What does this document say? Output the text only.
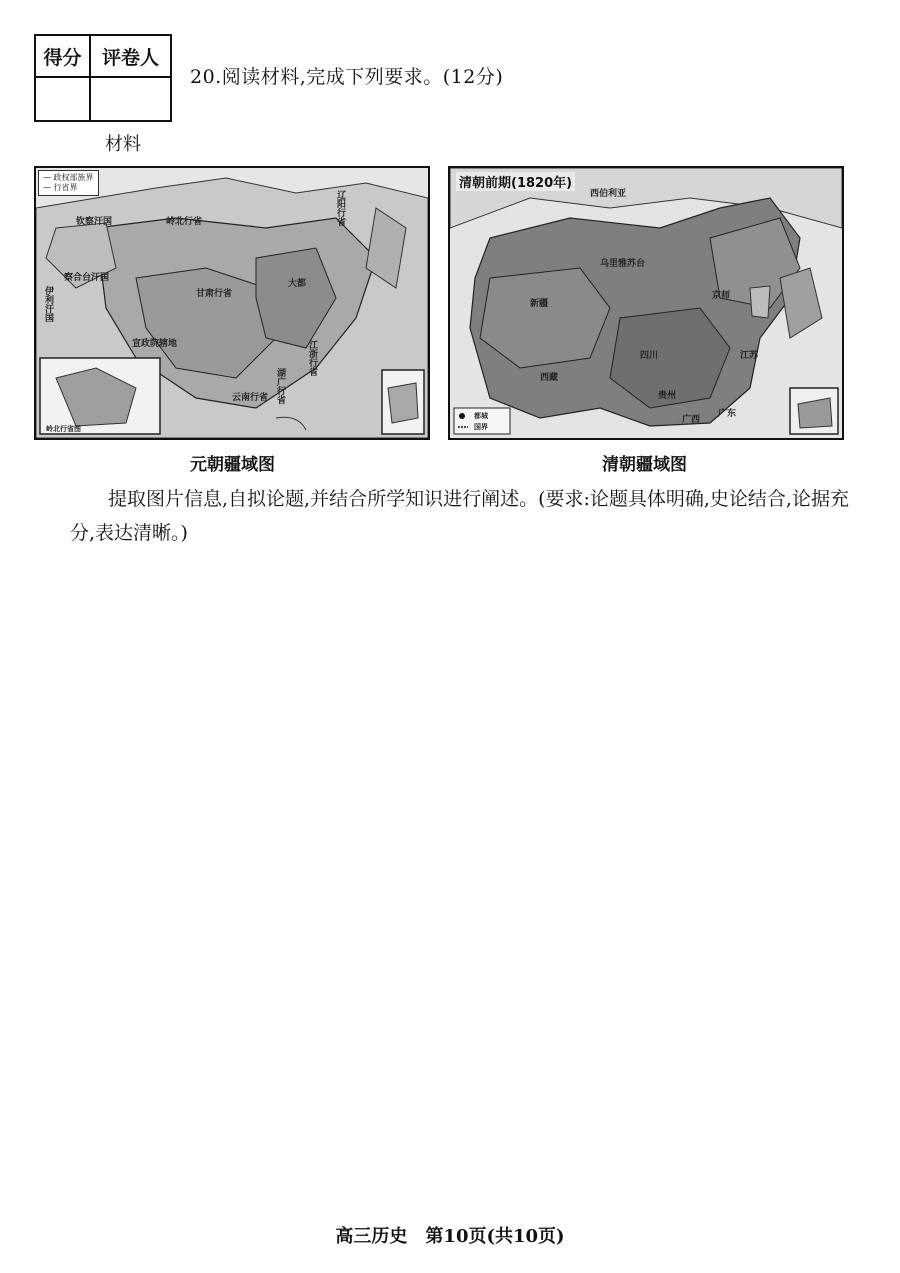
得分	评卷人

20.阅读材料,完成下列要求。(12分)
材料
— 政权部族界
— 行省界
岭北行省	辽阳行省
甘肃行省
宣政院辖地
云南行省 湖广行省
江浙行省
大都
钦察汗国
察合台汗国
伊利汗国
岭北行省图
清朝前期(1820年)
西伯利亚
乌里雅苏台
新疆
西藏
京师
江苏
贵州
广西
广东
四川
都城
国界
元朝疆域图	清朝疆域图

提取图片信息,自拟论题,并结合所学知识进行阐述。(要求:论题具体明确,史论结合,论据充分,表达清晰。)

高三历史　第10页(共10页)
